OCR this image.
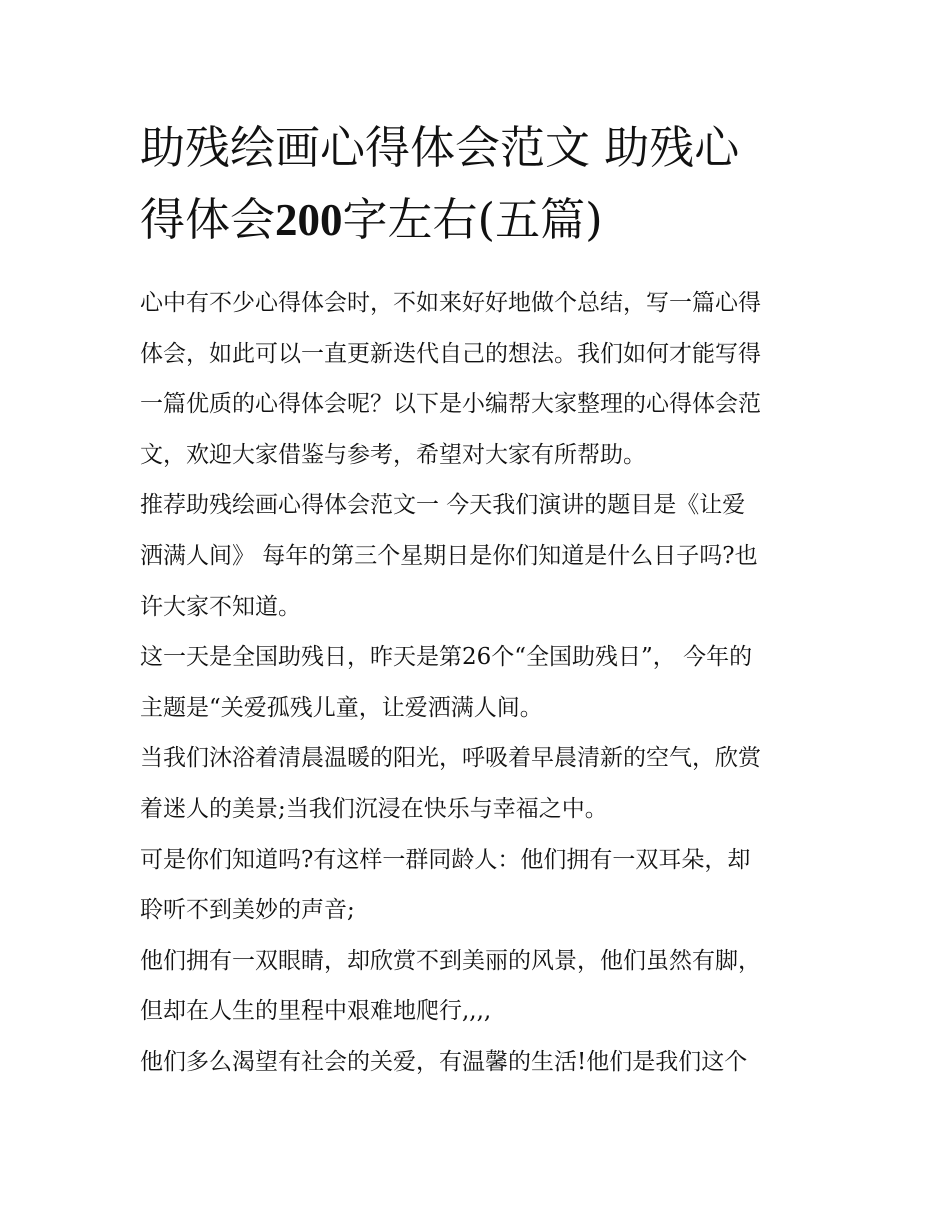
助残绘画心得体会范文 助残心
得体会200字左右(五篇)
心中有不少心得体会时，不如来好好地做个总结，写一篇心得
体会，如此可以一直更新迭代自己的想法。我们如何才能写得
一篇优质的心得体会呢？以下是小编帮大家整理的心得体会范
文，欢迎大家借鉴与参考，希望对大家有所帮助。
推荐助残绘画心得体会范文一 今天我们演讲的题目是《让爱
洒满人间》 每年的第三个星期日是你们知道是什么日子吗?也
许大家不知道。
这一天是全国助残日，昨天是第26个“全国助残日”， 今年的
主题是“关爱孤残儿童，让爱洒满人间。
当我们沐浴着清晨温暖的阳光，呼吸着早晨清新的空气，欣赏
着迷人的美景;当我们沉浸在快乐与幸福之中。
可是你们知道吗?有这样一群同龄人：他们拥有一双耳朵，却
聆听不到美妙的声音;
他们拥有一双眼睛，却欣赏不到美丽的风景，他们虽然有脚，
但却在人生的里程中艰难地爬行,,,,
他们多么渴望有社会的关爱，有温馨的生活!他们是我们这个
